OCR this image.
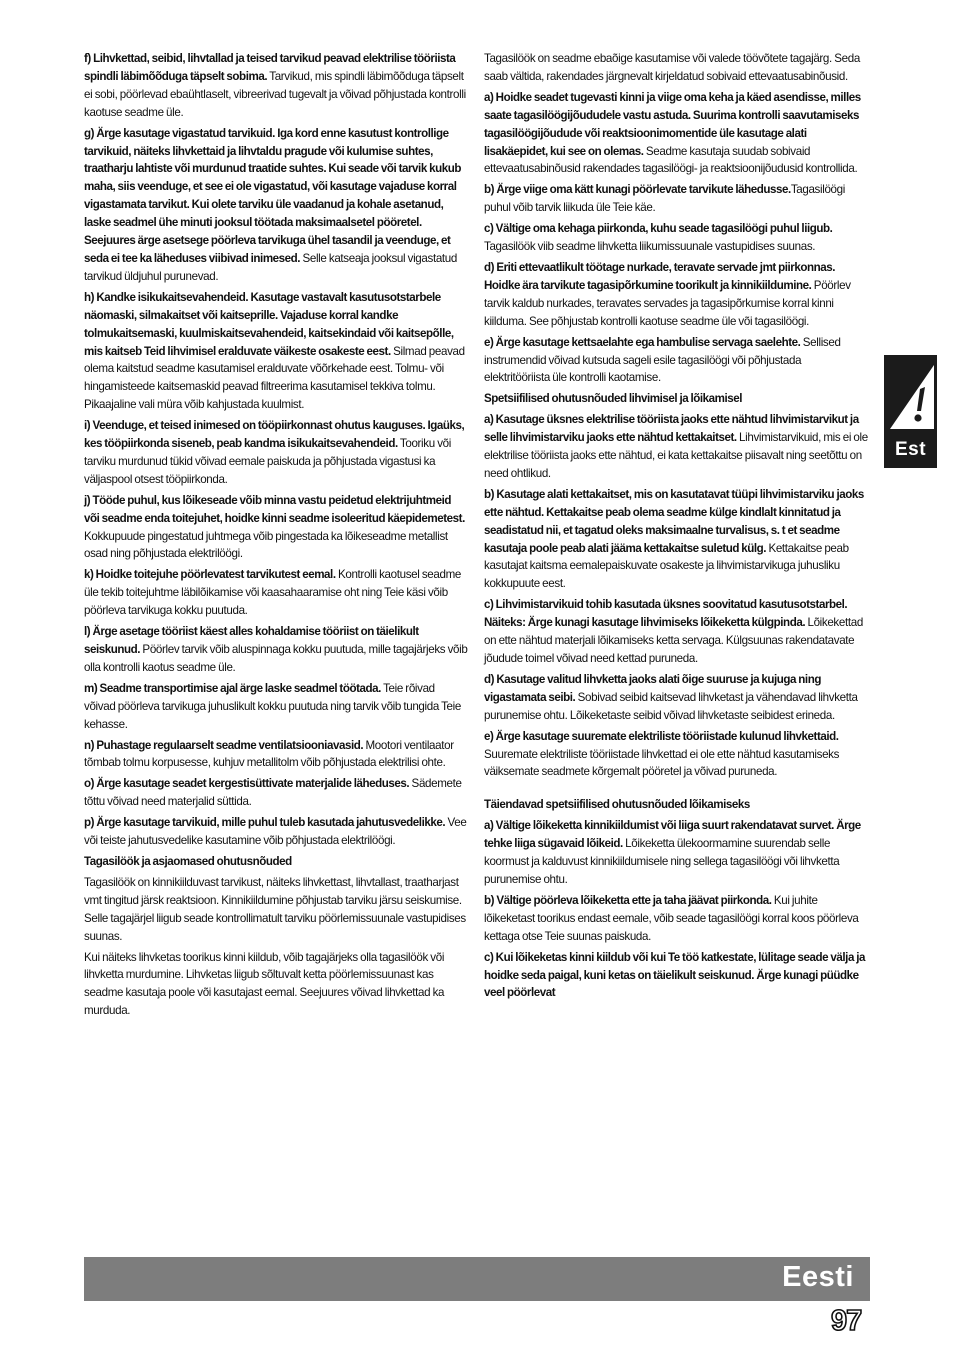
f) Lihvkettad, seibid, lihvtallad ja teised tarvikud peavad elektrilise tööriista spindli läbimõõduga täpselt sobima. Tarvikud, mis spindli läbimõõduga täpselt ei sobi, pöörlevad ebaühtlaselt, vibreerivad tugevalt ja võivad põhjustada kontrolli kaotuse seadme üle.

g) Ärge kasutage vigastatud tarvikuid. Iga kord enne kasutust kontrollige tarvikuid, näiteks lihvkettaid ja lihvtaldu pragude või kulumise suhtes, traatharju lahtiste või murdunud traatide suhtes. Kui seade või tarvik kukub maha, siis veenduge, et see ei ole vigastatud, või kasutage vajaduse korral vigastamata tarvikut. Kui olete tarviku üle vaadanud ja kohale asetanud, laske seadmel ühe minuti jooksul töötada maksimaalsetel pööretel. Seejuures ärge asetsege pöörleva tarvikuga ühel tasandil ja veenduge, et seda ei tee ka läheduses viibivad inimesed. Selle katseaja jooksul vigastatud tarvikud üldjuhul purunevad.

h) Kandke isikukaitsevahendeid. Kasutage vastavalt kasutusotstarbele näomaski, silmakaitset või kaitseprille. Vajaduse korral kandke tolmukaitsemaski, kuulmiskaitsevahendeid, kaitsekindaid või kaitsepõlle, mis kaitseb Teid lihvimisel eralduvate väikeste osakeste eest. Silmad peavad olema kaitstud seadme kasutamisel eralduvate võõrkehade eest. Tolmu- või hingamisteede kaitsemaskid peavad filtreerima kasutamisel tekkiva tolmu. Pikaajaline vali müra võib kahjustada kuulmist.

i) Veenduge, et teised inimesed on tööpiirkonnast ohutus kauguses. Igaüks, kes tööpiirkonda siseneb, peab kandma isikukaitsevahendeid. Tooriku või tarviku murdunud tükid võivad eemale paiskuda ja põhjustada vigastusi ka väljaspool otsest tööpiirkonda.

j) Tööde puhul, kus lõikeseade võib minna vastu peidetud elektrijuhtmeid või seadme enda toitejuhet, hoidke kinni seadme isoleeritud käepidemetest. Kokkupuude pingestatud juhtmega võib pingestada ka lõikeseadme metallist osad ning põhjustada elektrilöögi.

k) Hoidke toitejuhe pöörlevatest tarvikutest eemal. Kontrolli kaotusel seadme üle tekib toitejuhtme läbilõikamise või kaasahaaramise oht ning Teie käsi võib pöörleva tarvikuga kokku puutuda.

l) Ärge asetage tööriist käest alles kohaldamise tööriist on täielikult seiskunud. Pöörlev tarvik võib aluspinnaga kokku puutuda, mille tagajärjeks võib olla kontrolli kaotus seadme üle.

m) Seadme transportimise ajal ärge laske seadmel töötada. Teie rõivad võivad pöörleva tarvikuga juhuslikult kokku puutuda ning tarvik võib tungida Teie kehasse.

n) Puhastage regulaarselt seadme ventilatsiooniavasid. Mootori ventilaator tõmbab tolmu korpusesse, kuhjuv metallitolm võib põhjustada elektrilisi ohte.

o) Ärge kasutage seadet kergestisüttivate materjalide läheduses. Sädemete tõttu võivad need materjalid süttida.

p) Ärge kasutage tarvikuid, mille puhul tuleb kasutada jahutusvedelikke. Vee või teiste jahutusvedelike kasutamine võib põhjustada elektrilöögi.

Tagasilöök ja asjaomased ohutusnõuded

Tagasilöök on kinnikiilduvast tarvikust, näiteks lihvkettast, lihvtallast, traatharjast vmt tingitud järsk reaktsioon. Kinnikiildumine põhjustab tarviku järsu seiskumise. Selle tagajärjel liigub seade kontrollimatult tarviku pöörlemissuunale vastupidises suunas.

Kui näiteks lihvketas toorikus kinni kiildub, võib tagajärjeks olla tagasilöök või lihvketta murdumine. Lihvketas liigub sõltuvalt ketta pöörlemissuunast kas seadme kasutaja poole või kasutajast eemal. Seejuures võivad lihvkettad ka murduda.

Tagasilöök on seadme ebaõige kasutamise või valede töövõtete tagajärg. Seda saab vältida, rakendades järgnevalt kirjeldatud sobivaid ettevaatusabinõusid.

a) Hoidke seadet tugevasti kinni ja viige oma keha ja käed asendisse, milles saate tagasilöögijõududele vastu astuda. Suurima kontrolli saavutamiseks tagasilöögijõudude või reaktsioonimomentide üle kasutage alati lisakäepidet, kui see on olemas. Seadme kasutaja suudab sobivaid ettevaatusabinõusid rakendades tagasilöögi- ja reaktsioonijõudusid kontrollida.

b) Ärge viige oma kätt kunagi pöörlevate tarvikute lähedusse.Tagasilöögi puhul võib tarvik liikuda üle Teie käe.

c) Vältige oma kehaga piirkonda, kuhu seade tagasilöögi puhul liigub. Tagasilöök viib seadme lihvketta liikumissuunale vastupidises suunas.

d) Eriti ettevaatlikult töötage nurkade, teravate servade jmt piirkonnas. Hoidke ära tarvikute tagasipõrkumine toorikult ja kinnikiildumine. Pöörlev tarvik kaldub nurkades, teravates servades ja tagasipõrkumise korral kinni kiilduma. See põhjustab kontrolli kaotuse seadme üle või tagasilöögi.

e) Ärge kasutage kettsaelahte ega hambulise servaga saelehte. Sellised instrumendid võivad kutsuda sageli esile tagasilöögi või põhjustada elektritööriista üle kontrolli kaotamise.

Spetsiifilised ohutusnõuded lihvimisel ja lõikamisel

a) Kasutage üksnes elektrilise tööriista jaoks ette nähtud lihvimistarvikut ja selle lihvimistarviku jaoks ette nähtud kettakaitset. Lihvimistarvikuid, mis ei ole elektrilise tööriista jaoks ette nähtud, ei kata kettakaitse piisavalt ning seetõttu on need ohtlikud.

b) Kasutage alati kettakaitset, mis on kasutatavat tüüpi lihvimistarviku jaoks ette nähtud. Kettakaitse peab olema seadme külge kindlalt kinnitatud ja seadistatud nii, et tagatud oleks maksimaalne turvalisus, s. t et seadme kasutaja poole peab alati jääma kettakaitse suletud külg. Kettakaitse peab kasutajat kaitsma eemalepaiskuvate osakeste ja lihvimistarvikuga juhusliku kokkupuute eest.

c) Lihvimistarvikuid tohib kasutada üksnes soovitatud kasutusotstarbel. Näiteks: Ärge kunagi kasutage lihvimiseks lõikeketta külgpinda. Lõikekettad on ette nähtud materjali lõikamiseks ketta servaga. Külgsuunas rakendatavate jõudude toimel võivad need kettad puruneda.

d) Kasutage valitud lihvketta jaoks alati õige suuruse ja kujuga ning vigastamata seibi. Sobivad seibid kaitsevad lihvketast ja vähendavad lihvketta purunemise ohtu. Lõikeketaste seibid võivad lihvketaste seibidest erineda.

e) Ärge kasutage suuremate elektriliste tööriistade kulunud lihvkettaid. Suuremate elektriliste tööriistade lihvkettad ei ole ette nähtud kasutamiseks väiksemate seadmete kõrgemalt pööretel ja võivad puruneda.

Täiendavad spetsiifilised ohutusnõuded lõikamiseks

a) Vältige lõikeketta kinnikiildumist või liiga suurt rakendatavat survet. Ärge tehke liiga sügavaid lõikeid. Lõikeketta ülekoormamine suurendab selle koormust ja kalduvust kinnikiildumisele ning sellega tagasilöögi või lihvketta purunemise ohtu.

b) Vältige pöörleva lõikeketta ette ja taha jäävat piirkonda. Kui juhite lõikeketast toorikus endast eemale, võib seade tagasilöögi korral koos pöörleva kettaga otse Teie suunas paiskuda.

c) Kui lõikeketas kinni kiildub või kui Te töö katkestate, lülitage seade välja ja hoidke seda paigal, kuni ketas on täielikult seiskunud. Ärge kunagi püüdke veel pöörlevat

Est
Eesti
97
